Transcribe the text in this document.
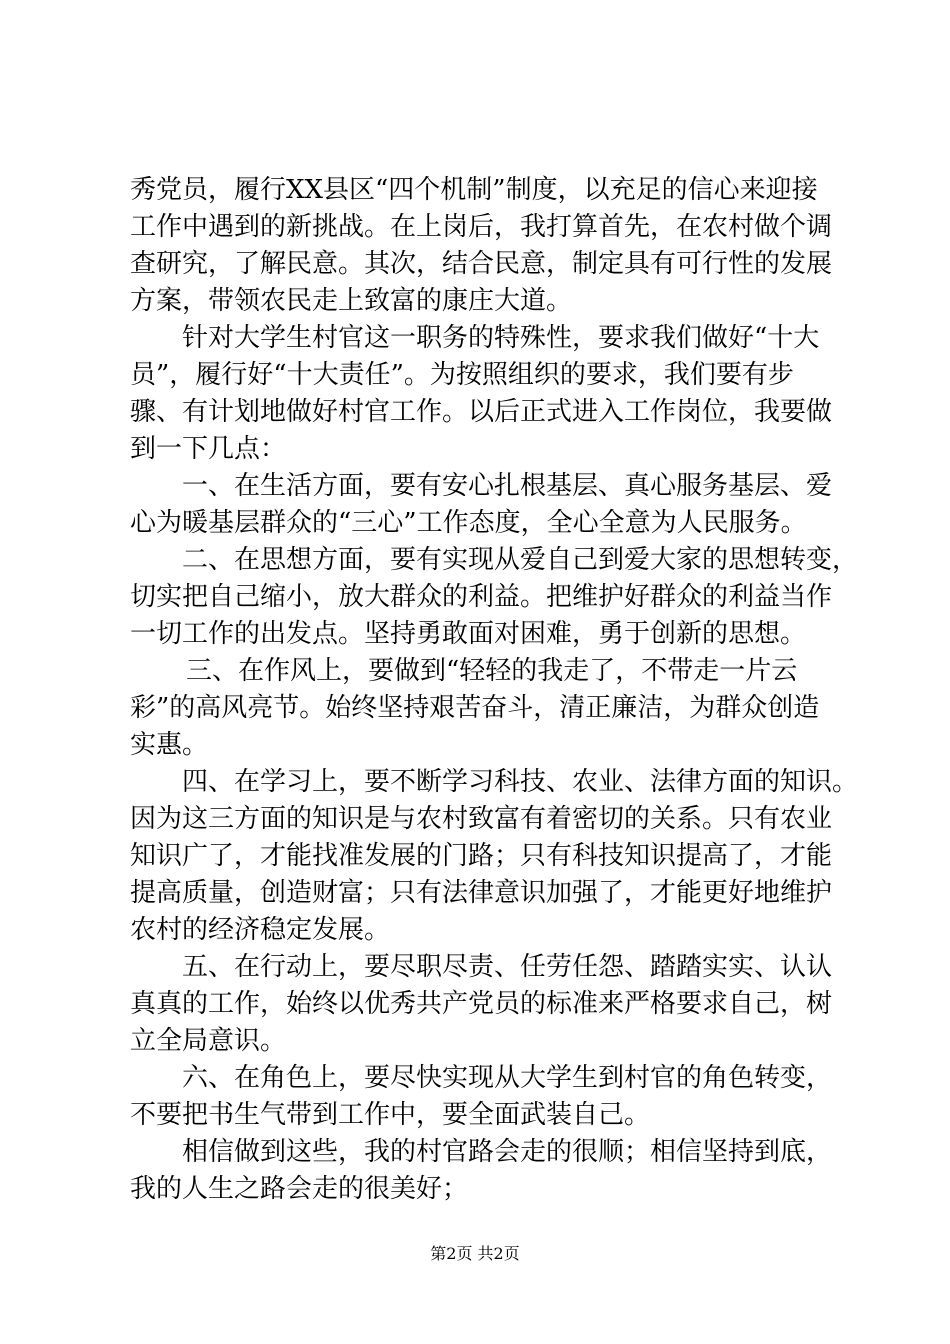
秀党员，履行XX县区“四个机制”制度，以充足的信心来迎接
工作中遇到的新挑战。在上岗后，我打算首先，在农村做个调
查研究，了解民意。其次，结合民意，制定具有可行性的发展
方案，带领农民走上致富的康庄大道。
针对大学生村官这一职务的特殊性，要求我们做好“十大
员”，履行好“十大责任”。为按照组织的要求，我们要有步
骤、有计划地做好村官工作。以后正式进入工作岗位，我要做
到一下几点：
一、在生活方面，要有安心扎根基层、真心服务基层、爱
心为暖基层群众的“三心”工作态度，全心全意为人民服务。
二、在思想方面，要有实现从爱自己到爱大家的思想转变，
切实把自己缩小，放大群众的利益。把维护好群众的利益当作
一切工作的出发点。坚持勇敢面对困难，勇于创新的思想。
三、在作风上，要做到“轻轻的我走了，不带走一片云
彩”的高风亮节。始终坚持艰苦奋斗，清正廉洁，为群众创造
实惠。
四、在学习上，要不断学习科技、农业、法律方面的知识。
因为这三方面的知识是与农村致富有着密切的关系。只有农业
知识广了，才能找准发展的门路；只有科技知识提高了，才能
提高质量，创造财富；只有法律意识加强了，才能更好地维护
农村的经济稳定发展。
五、在行动上，要尽职尽责、任劳任怨、踏踏实实、认认
真真的工作，始终以优秀共产党员的标准来严格要求自己，树
立全局意识。
六、在角色上，要尽快实现从大学生到村官的角色转变，
不要把书生气带到工作中，要全面武装自己。
相信做到这些，我的村官路会走的很顺；相信坚持到底，
我的人生之路会走的很美好；
第2页 共2页
